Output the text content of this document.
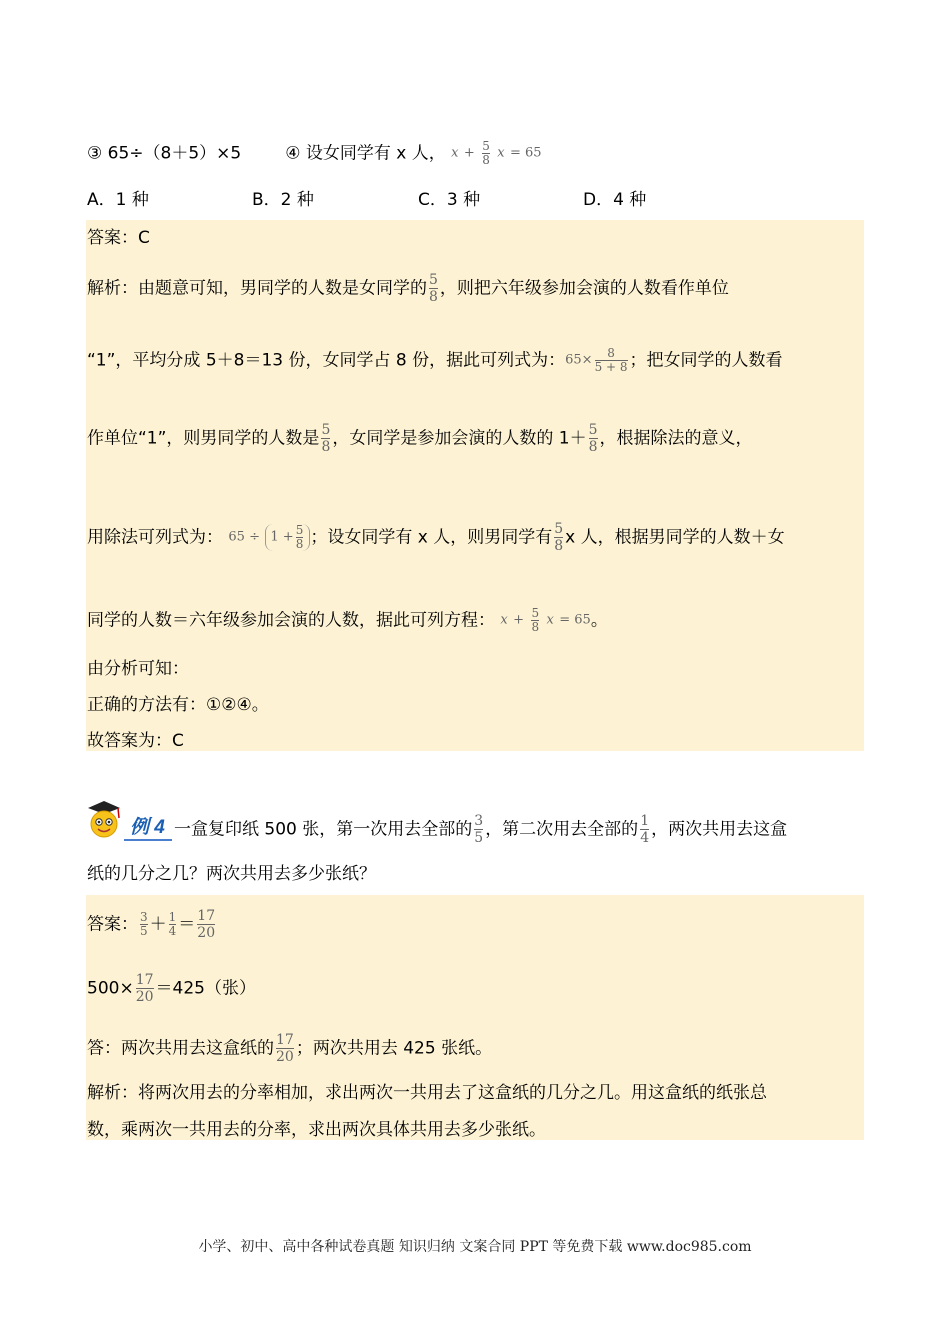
③ 65÷（8＋5）×5	④ 设女同学有 x 人， $x + \frac{5}{8}$ x = 65
A．1 种	B．2 种	C．3 种	D．4 种
答案：C
解析：由题意可知，男同学的人数是女同学的 $\frac{5}{8}$ ，则把六年级参加会演的人数看作单位
“1”，平均分成 5＋8＝13 份，女同学占 8 份，据此可列式为：$65\times \frac{8}{5 + 8}$ ；把女同学的人数看
作单位“1”，则男同学的人数是 $\frac{5}{8}$ ，女同学是参加会演的人数的 $1+ \frac{5}{8}$ ，根据除法的意义，
用除法可列式为： $65 \div 1 + \frac{5}{8}$ ；设女同学有 x 人，则男同学有 $\frac{5}{8}$ x 人，根据男同学的人数＋女
同学的人数＝六年级参加会演的人数，据此可列方程： $x + \frac{5}{8}$ x = 65。
由分析可知：
正确的方法有：①②④。
故答案为：C
例 4 一盒复印纸 500 张，第一次用去全部的 $\frac{3}{5}$ ，第二次用去全部的 $\frac{1}{4}$ ，两次共用去这盒
纸的几分之几？两次共用去多少张纸？
答案： $\frac{3}{5} + \frac{1}{4} = \frac{17}{20}$
$500\times \frac{17}{20} =425$（张）
答：两次共用去这盒纸的 $\frac{17}{20}$ ；两次共用去 425 张纸。
解析：将两次用去的分率相加，求出两次一共用去了这盒纸的几分之几。用这盒纸的纸张总
数，乘两次一共用去的分率，求出两次具体共用去多少张纸。
小学、初中、高中各种试卷真题 知识归纳 文案合同 PPT 等免费下载 www.doc985.com
